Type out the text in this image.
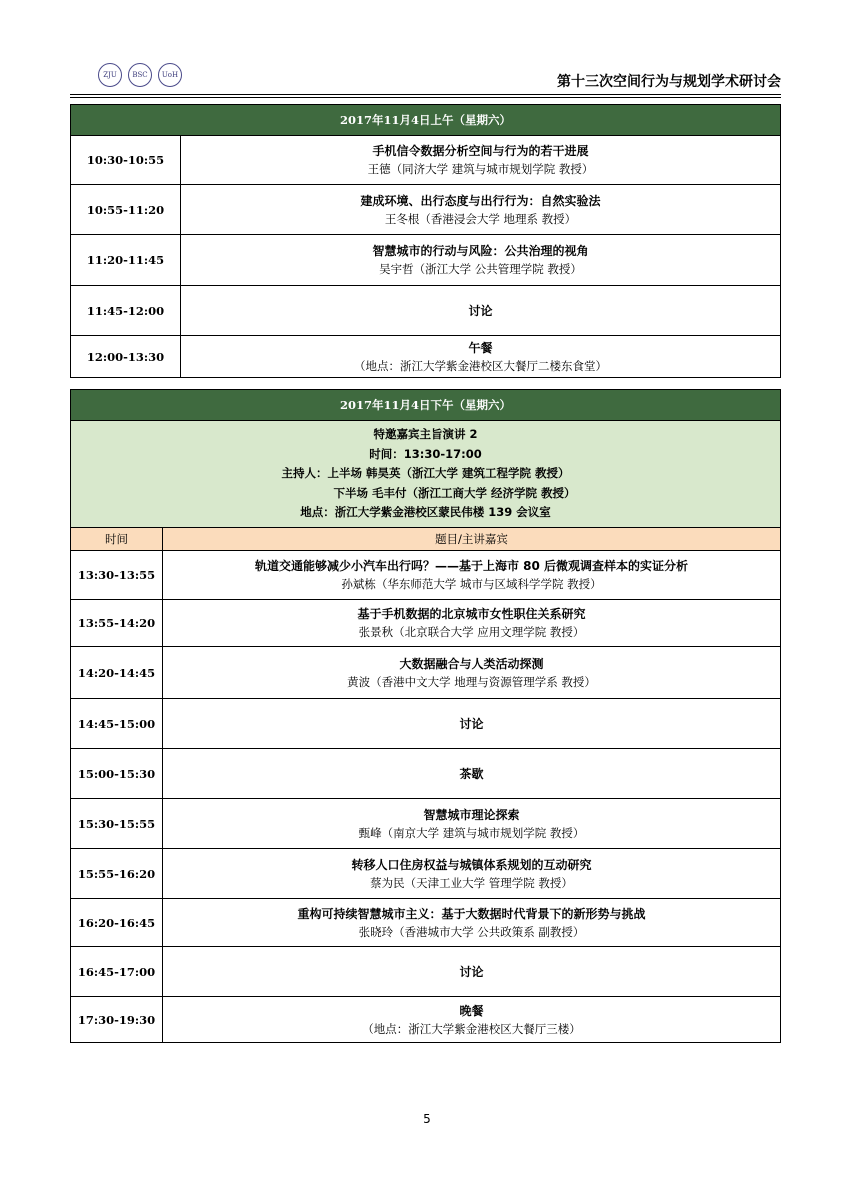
ZJU	BSC	UoH	第十三次空间行为与规划学术研讨会
2017年11月4日上午（星期六）	
10:30-10:55	手机信令数据分析空间与行为的若干进展
王德（同济大学 建筑与城市规划学院 教授）

10:55-11:20	建成环境、出行态度与出行行为：自然实验法
王冬根（香港浸会大学 地理系 教授）

11:20-11:45	智慧城市的行动与风险：公共治理的视角
吴宇哲（浙江大学 公共管理学院 教授）

11:45-12:00	讨论

12:00-13:30	午餐
（地点：浙江大学紫金港校区大餐厅二楼东食堂）
2017年11月4日下午（星期六）	

特邀嘉宾主旨演讲 2
时间：13:30-17:00
主持人：上半场 韩昊英（浙江大学 建筑工程学院 教授）
下半场 毛丰付（浙江工商大学 经济学院 教授）
地点：浙江大学紫金港校区蒙民伟楼 139 会议室	

时间	题目/主讲嘉宾
13:30-13:55	轨道交通能够减少小汽车出行吗？——基于上海市 80 后微观调查样本的实证分析
孙斌栋（华东师范大学 城市与区域科学学院 教授）

13:55-14:20	基于手机数据的北京城市女性职住关系研究
张景秋（北京联合大学 应用文理学院 教授）

14:20-14:45	大数据融合与人类活动探测
黄波（香港中文大学 地理与资源管理学系 教授）

14:45-15:00	讨论

15:00-15:30	茶歇

15:30-15:55	智慧城市理论探索
甄峰（南京大学 建筑与城市规划学院 教授）

15:55-16:20	转移人口住房权益与城镇体系规划的互动研究
蔡为民（天津工业大学 管理学院 教授）

16:20-16:45	重构可持续智慧城市主义：基于大数据时代背景下的新形势与挑战
张晓玲（香港城市大学 公共政策系 副教授）

16:45-17:00	讨论

17:30-19:30	晚餐
（地点：浙江大学紫金港校区大餐厅三楼）
5
